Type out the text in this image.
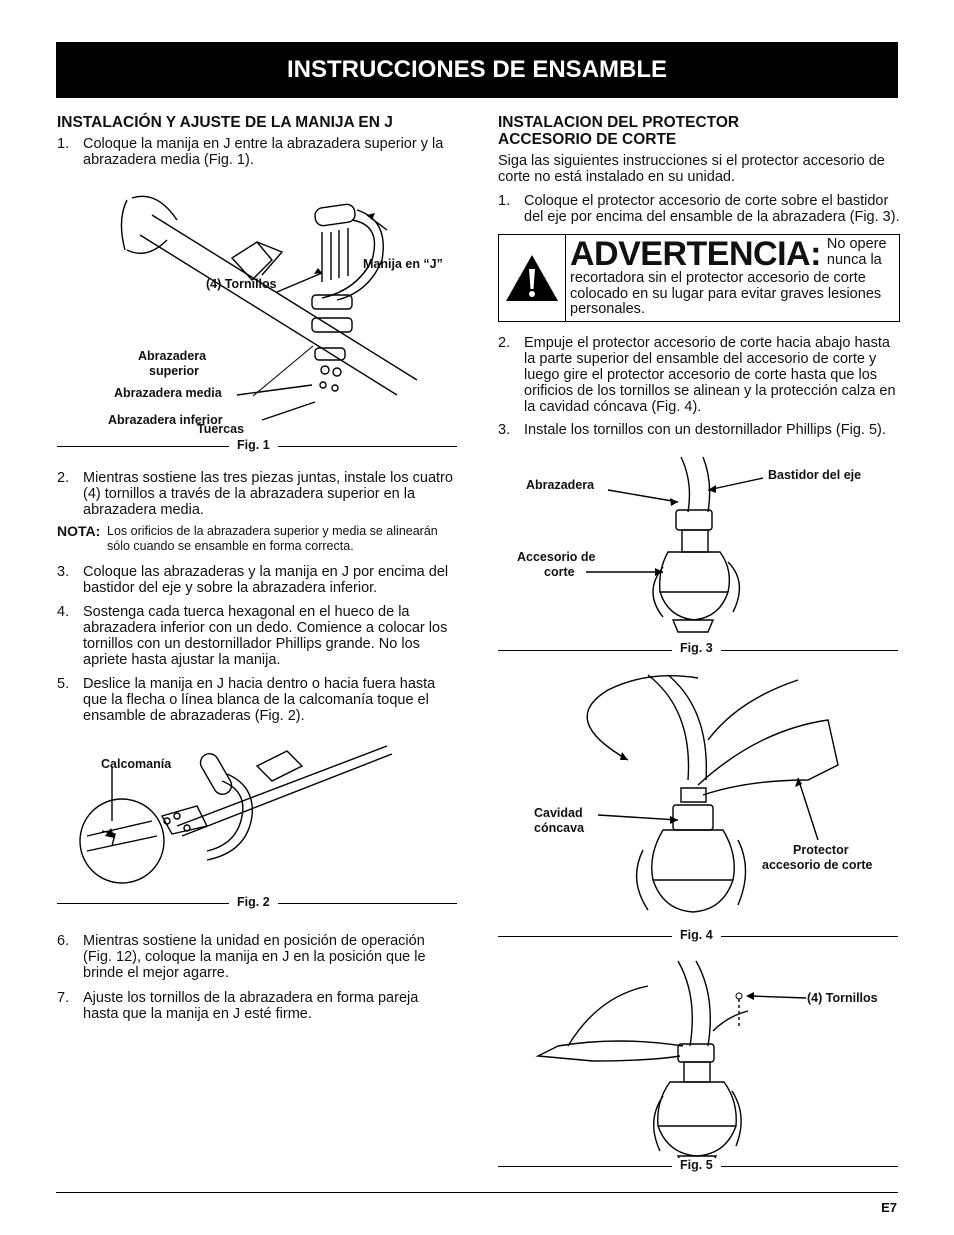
INSTRUCCIONES DE ENSAMBLE
INSTALACIÓN Y AJUSTE DE LA MANIJA EN J
1. Coloque la manija en J entre la abrazadera superior y la abrazadera media (Fig. 1).
Manija en “J”
(4) Tornillos
Abrazadera
superior
Abrazadera media
Abrazadera inferior
Tuercas
Fig. 1
2. Mientras sostiene las tres piezas juntas, instale los cuatro (4) tornillos a través de la abrazadera superior en la abrazadera media.
NOTA: Los orificios de la abrazadera superior y media se alinearán sólo cuando se ensamble en forma correcta.
3. Coloque las abrazaderas y la manija en J por encima del bastidor del eje y sobre la abrazadera inferior.
4. Sostenga cada tuerca hexagonal en el hueco de la abrazadera inferior con un dedo. Comience a colocar los tornillos con un destornillador Phillips grande. No los apriete hasta ajustar la manija.
5. Deslice la manija en J hacia dentro o hacia fuera hasta que la flecha o línea blanca de la calcomanía toque el ensamble de abrazaderas (Fig. 2).
Calcomanía
Fig. 2
6. Mientras sostiene la unidad en posición de operación (Fig. 12), coloque la manija en J en la posición que le brinde el mejor agarre.
7. Ajuste los tornillos de la abrazadera en forma pareja hasta que la manija en J esté firme.
INSTALACION DEL PROTECTOR
ACCESORIO DE CORTE

Siga las siguientes instrucciones si el protector accesorio de corte no está instalado en su unidad.

1. Coloque el protector accesorio de corte sobre el bastidor del eje por encima del ensamble de la abrazadera (Fig. 3).
ADVERTENCIA: No opere nunca la recortadora sin el protector accesorio de corte colocado en su lugar para evitar graves lesiones personales.
2. Empuje el protector accesorio de corte hacia abajo hasta la parte superior del ensamble del accesorio de corte y luego gire el protector accesorio de corte hasta que los orificios de los tornillos se alinean y la protección calza en la cavidad cóncava (Fig. 4).
3. Instale los tornillos con un destornillador Phillips (Fig. 5).
Abrazadera
Bastidor del eje
Accesorio de
corte
Fig. 3
Cavidad
cóncava
Protector
accesorio de corte
Fig. 4
(4) Tornillos
Fig. 5
E7
